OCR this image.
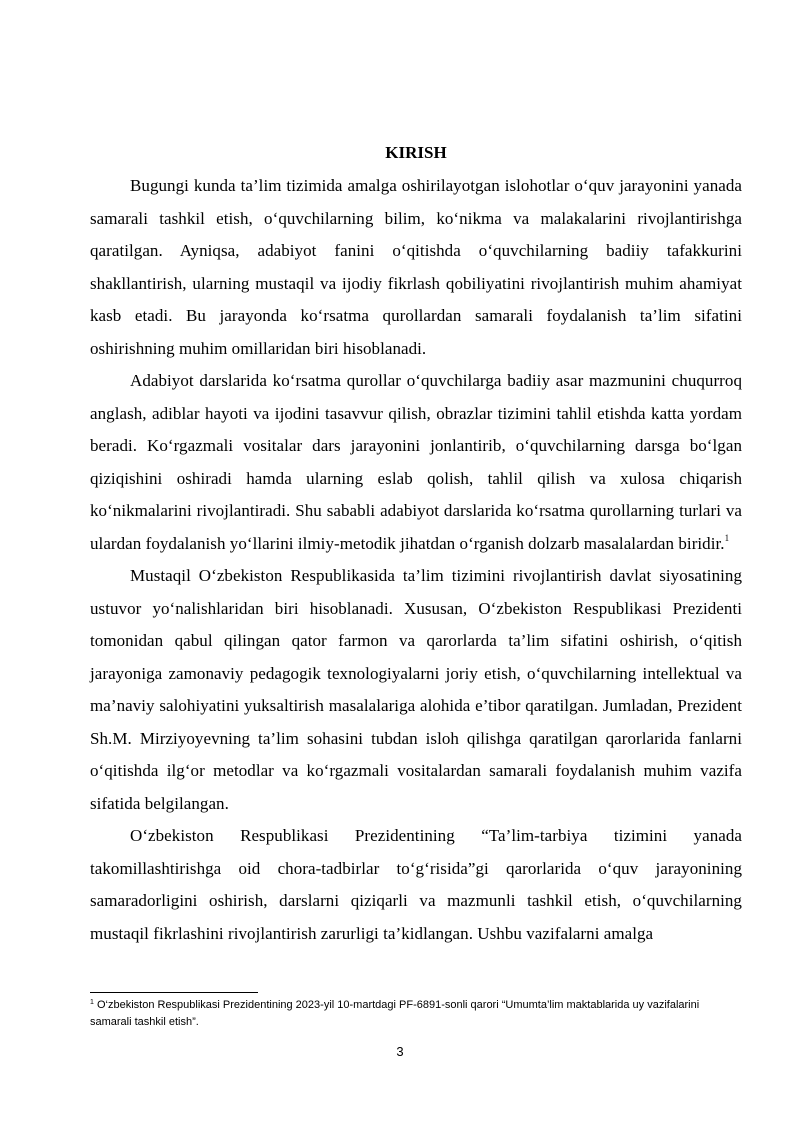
KIRISH

Bugungi kunda ta’lim tizimida amalga oshirilayotgan islohotlar o‘quv jarayonini yanada samarali tashkil etish, o‘quvchilarning bilim, ko‘nikma va malakalarini rivojlantirishga qaratilgan. Ayniqsa, adabiyot fanini o‘qitishda o‘quvchilarning badiiy tafakkurini shakllantirish, ularning mustaqil va ijodiy fikrlash qobiliyatini rivojlantirish muhim ahamiyat kasb etadi. Bu jarayonda ko‘rsatma qurollardan samarali foydalanish ta’lim sifatini oshirishning muhim omillaridan biri hisoblanadi.

Adabiyot darslarida ko‘rsatma qurollar o‘quvchilarga badiiy asar mazmunini chuqurroq anglash, adiblar hayoti va ijodini tasavvur qilish, obrazlar tizimini tahlil etishda katta yordam beradi. Ko‘rgazmali vositalar dars jarayonini jonlantirib, o‘quvchilarning darsga bo‘lgan qiziqishini oshiradi hamda ularning eslab qolish, tahlil qilish va xulosa chiqarish ko‘nikmalarini rivojlantiradi. Shu sababli adabiyot darslarida ko‘rsatma qurollarning turlari va ulardan foydalanish yo‘llarini ilmiy-metodik jihatdan o‘rganish dolzarb masalalardan biridir.$^1$

Mustaqil O‘zbekiston Respublikasida ta’lim tizimini rivojlantirish davlat siyosatining ustuvor yo‘nalishlaridan biri hisoblanadi. Xususan, O‘zbekiston Respublikasi Prezidenti tomonidan qabul qilingan qator farmon va qarorlarda ta’lim sifatini oshirish, o‘qitish jarayoniga zamonaviy pedagogik texnologiyalarni joriy etish, o‘quvchilarning intellektual va ma’naviy salohiyatini yuksaltirish masalalariga alohida e’tibor qaratilgan. Jumladan, Prezident Sh.M. Mirziyoyevning ta’lim sohasini tubdan isloh qilishga qaratilgan qarorlarida fanlarni o‘qitishda ilg‘or metodlar va ko‘rgazmali vositalardan samarali foydalanish muhim vazifa sifatida belgilangan.

O‘zbekiston Respublikasi Prezidentining “Ta’lim-tarbiya tizimini yanada takomillashtirishga oid chora-tadbirlar to‘g‘risida”gi qarorlarida o‘quv jarayonining samaradorligini oshirish, darslarni qiziqarli va mazmunli tashkil etish, o‘quvchilarning mustaqil fikrlashini rivojlantirish zarurligi ta’kidlangan. Ushbu vazifalarni amalga

$^1$ O‘zbekiston Respublikasi Prezidentining 2023-yil 10-martdagi PF-6891-sonli qarori “Umumta’lim maktablarida uy vazifalarini samarali tashkil etish”.
3
